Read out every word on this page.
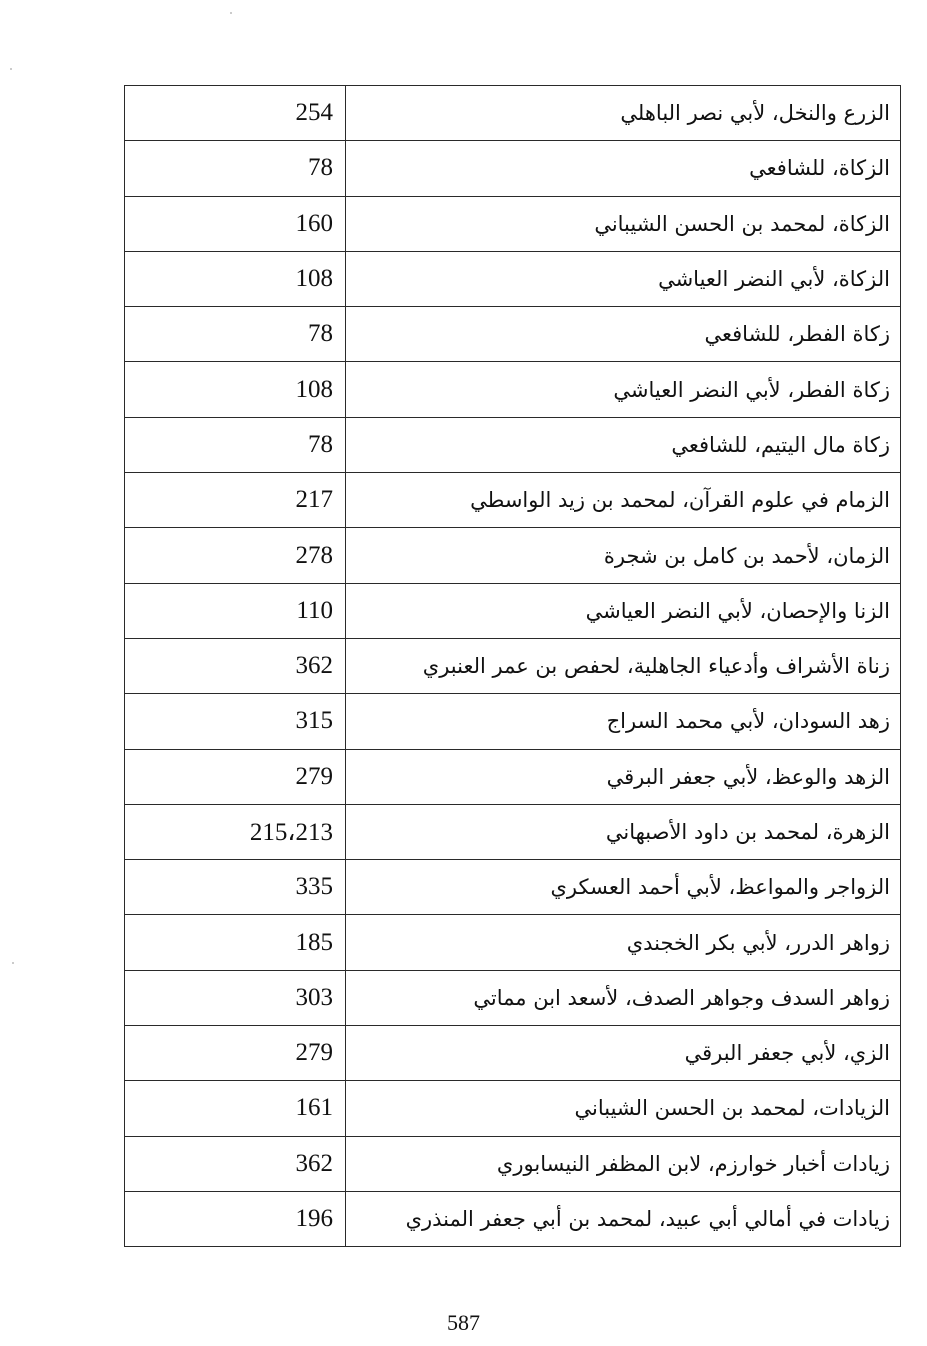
254	الزرع والنخل، لأبي نصر الباهلي
78	الزكاة، للشافعي
160	الزكاة، لمحمد بن الحسن الشيباني
108	الزكاة، لأبي النضر العياشي
78	زكاة الفطر، للشافعي
108	زكاة الفطر، لأبي النضر العياشي
78	زكاة مال اليتيم، للشافعي
217	الزمام في علوم القرآن، لمحمد بن زيد الواسطي
278	الزمان، لأحمد بن كامل بن شجرة
110	الزنا والإحصان، لأبي النضر العياشي
362	زناة الأشراف وأدعياء الجاهلية، لحفص بن عمر العنبري
315	زهد السودان، لأبي محمد السراج
279	الزهد والوعظ، لأبي جعفر البرقي
215،213	الزهرة، لمحمد بن داود الأصبهاني
335	الزواجر والمواعظ، لأبي أحمد العسكري
185	زواهر الدرر، لأبي بكر الخجندي
303	زواهر السدف وجواهر الصدف، لأسعد ابن مماتي
279	الزي، لأبي جعفر البرقي
161	الزيادات، لمحمد بن الحسن الشيباني
362	زيادات أخبار خوارزم، لابن المظفر النيسابوري
196	زيادات في أمالي أبي عبيد، لمحمد بن أبي جعفر المنذري
587
